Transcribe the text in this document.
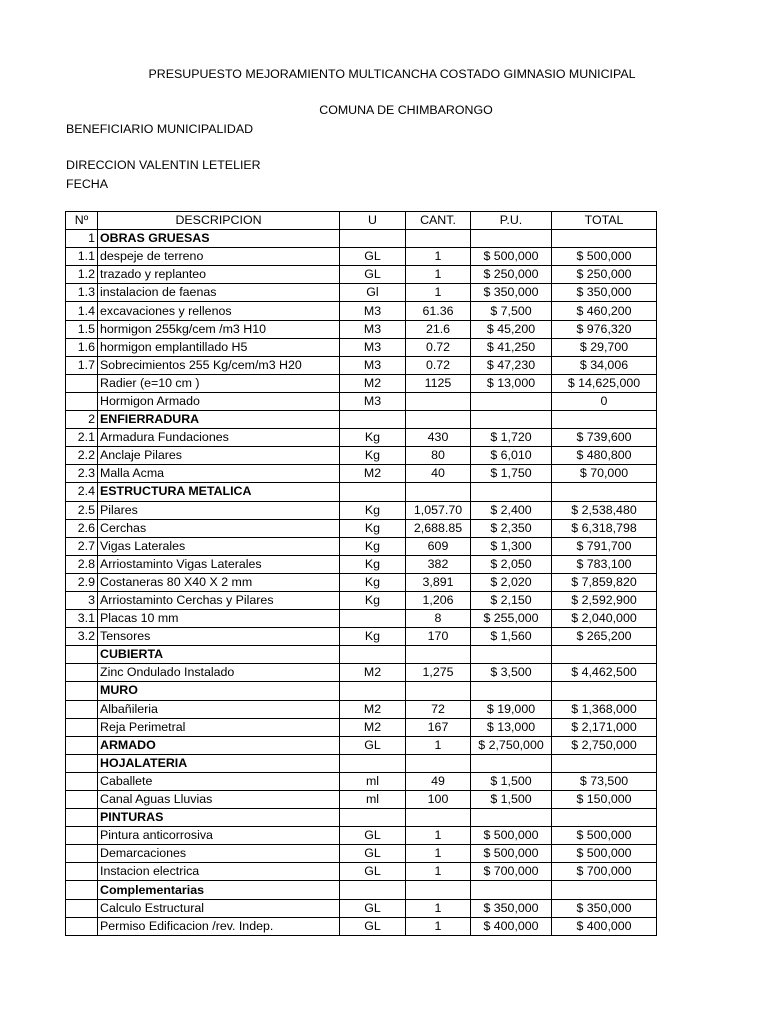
PRESUPUESTO MEJORAMIENTO MULTICANCHA COSTADO GIMNASIO MUNICIPAL
COMUNA DE CHIMBARONGO
BENEFICIARIO MUNICIPALIDAD
DIRECCION VALENTIN LETELIER
FECHA
Nº	DESCRIPCION	U	CANT.	P.U.	TOTAL
1	OBRAS GRUESAS				
1.1	despeje de terreno	GL	1	$ 500,000	$ 500,000
1.2	trazado y replanteo	GL	1	$ 250,000	$ 250,000
1.3	instalacion de faenas	Gl	1	$ 350,000	$ 350,000
1.4	excavaciones y rellenos	M3	61.36	$ 7,500	$ 460,200
1.5	hormigon 255kg/cem /m3 H10	M3	21.6	$ 45,200	$ 976,320
1.6	hormigon emplantillado H5	M3	0.72	$ 41,250	$ 29,700
1.7	Sobrecimientos 255 Kg/cem/m3 H20	M3	0.72	$ 47,230	$ 34,006
	Radier (e=10 cm )	M2	1125	$ 13,000	$ 14,625,000
	Hormigon Armado	M3			0
2	ENFIERRADURA				
2.1	Armadura Fundaciones	Kg	430	$ 1,720	$ 739,600
2.2	Anclaje Pilares	Kg	80	$ 6,010	$ 480,800
2.3	Malla Acma	M2	40	$ 1,750	$ 70,000
2.4	ESTRUCTURA METALICA				
2.5	Pilares	Kg	1,057.70	$ 2,400	$ 2,538,480
2.6	Cerchas	Kg	2,688.85	$ 2,350	$ 6,318,798
2.7	Vigas Laterales	Kg	609	$ 1,300	$ 791,700
2.8	Arriostaminto Vigas Laterales	Kg	382	$ 2,050	$ 783,100
2.9	Costaneras 80 X40 X 2 mm	Kg	3,891	$ 2,020	$ 7,859,820
3	Arriostaminto Cerchas y Pilares	Kg	1,206	$ 2,150	$ 2,592,900
3.1	Placas 10 mm		8	$ 255,000	$ 2,040,000
3.2	Tensores	Kg	170	$ 1,560	$ 265,200
	CUBIERTA				
	Zinc Ondulado Instalado	M2	1,275	$ 3,500	$ 4,462,500
	MURO				
	Albañileria	M2	72	$ 19,000	$ 1,368,000
	Reja Perimetral	M2	167	$ 13,000	$ 2,171,000
	ARMADO	GL	1	$ 2,750,000	$ 2,750,000
	HOJALATERIA				
	Caballete	ml	49	$ 1,500	$ 73,500
	Canal Aguas Lluvias	ml	100	$ 1,500	$ 150,000
	PINTURAS				
	Pintura anticorrosiva	GL	1	$ 500,000	$ 500,000
	Demarcaciones	GL	1	$ 500,000	$ 500,000
	Instacion electrica	GL	1	$ 700,000	$ 700,000
	Complementarias				
	Calculo Estructural	GL	1	$ 350,000	$ 350,000
	Permiso Edificacion /rev. Indep.	GL	1	$ 400,000	$ 400,000
